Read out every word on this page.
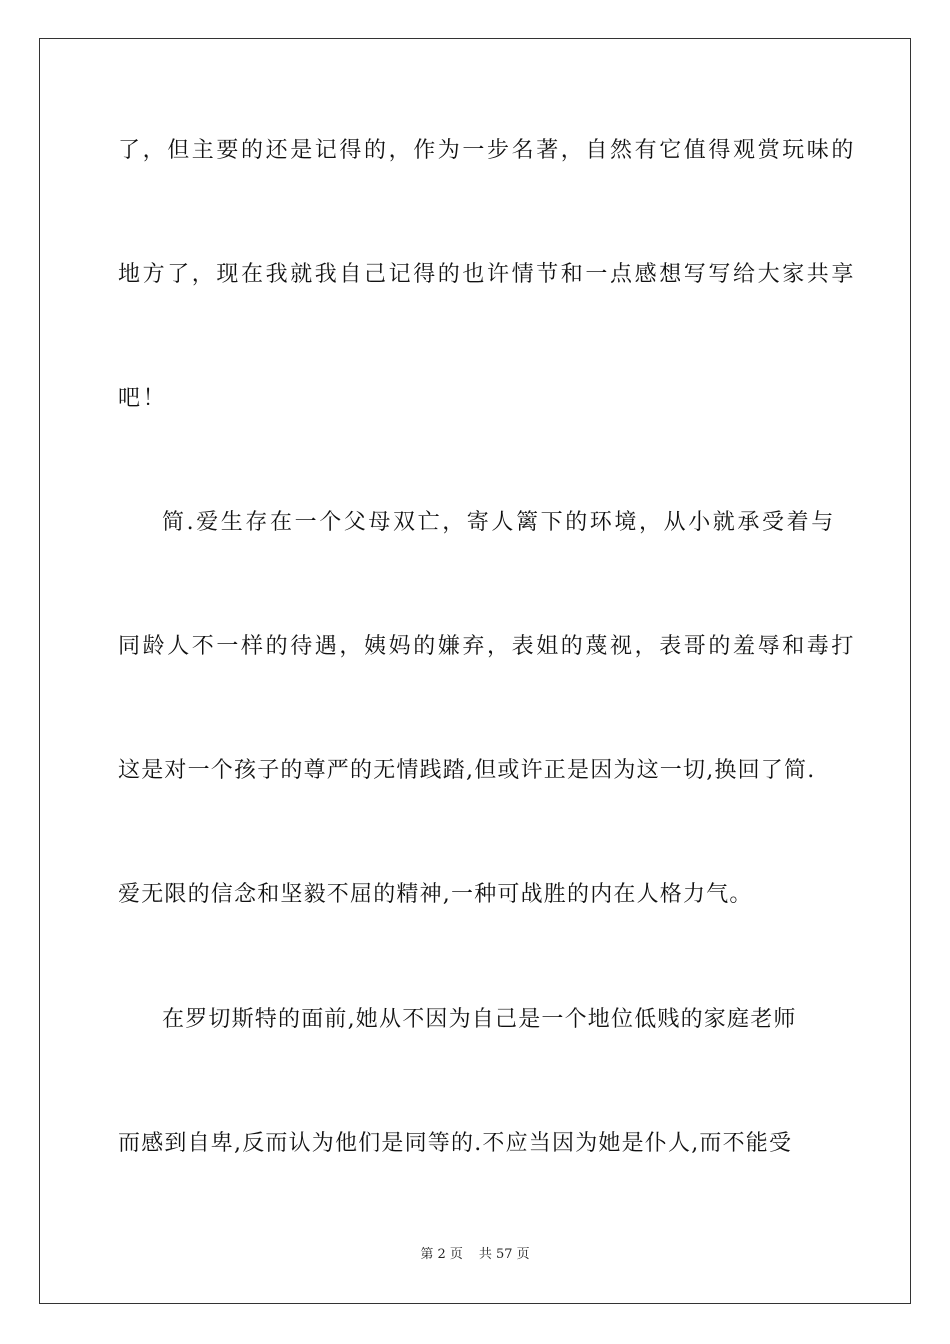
了，但主要的还是记得的，作为一步名著，自然有它值得观赏玩味的
地方了，现在我就我自己记得的也许情节和一点感想写写给大家共享
吧！
简.爱生存在一个父母双亡，寄人篱下的环境，从小就承受着与
同龄人不一样的待遇，姨妈的嫌弃，表姐的蔑视，表哥的羞辱和毒打
这是对一个孩子的尊严的无情践踏,但或许正是因为这一切,换回了简.
爱无限的信念和坚毅不屈的精神,一种可战胜的内在人格力气。
在罗切斯特的面前,她从不因为自己是一个地位低贱的家庭老师
而感到自卑,反而认为他们是同等的.不应当因为她是仆人,而不能受
第 2 页 共 57 页
